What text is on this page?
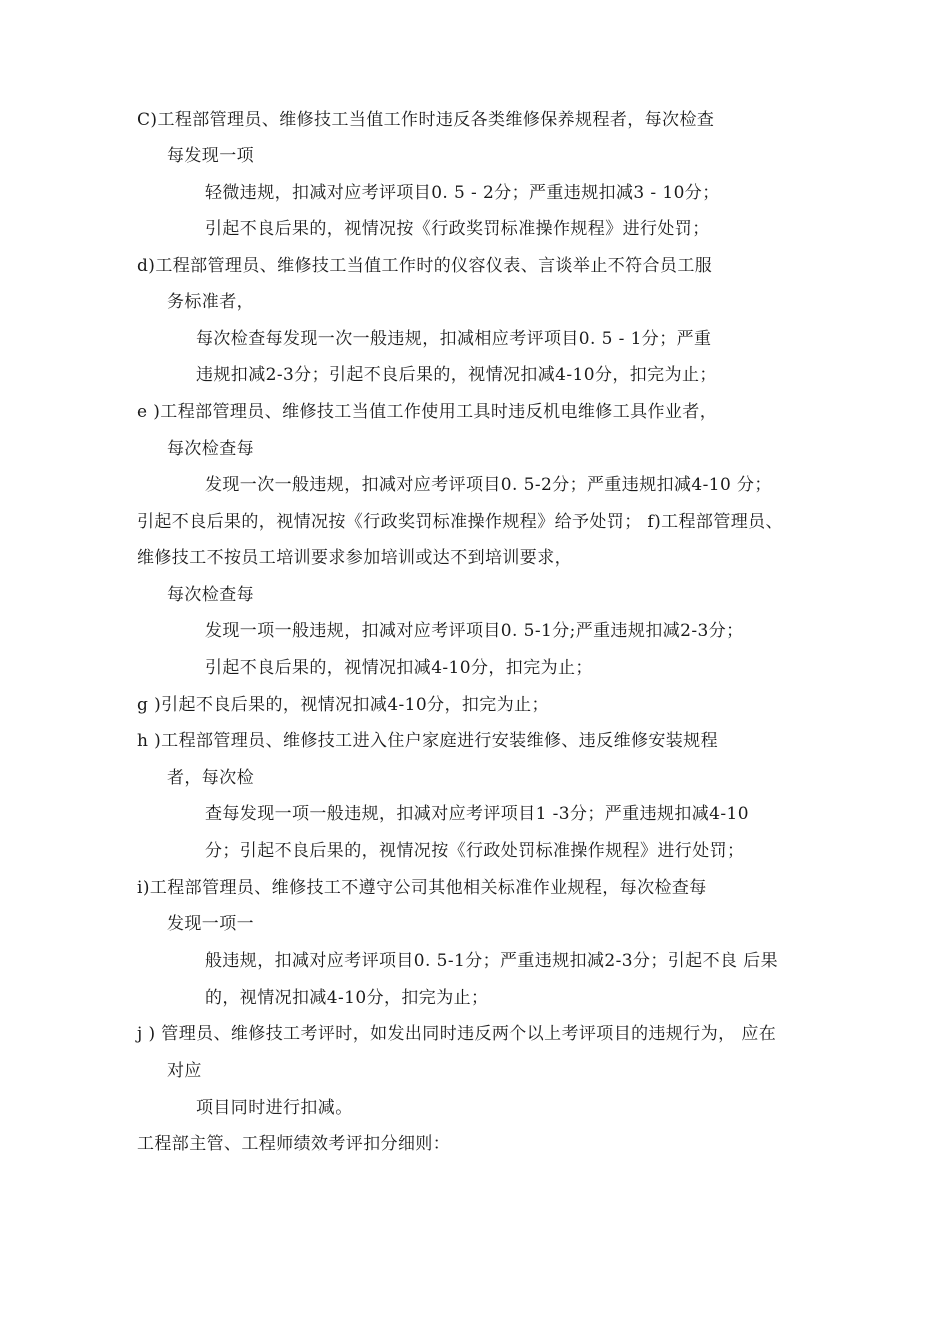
C)工程部管理员、维修技工当值工作时违反各类维修保养规程者，每次检查
每发现一项
轻微违规，扣减对应考评项目0. 5 - 2分；严重违规扣减3 - 10分；
引起不良后果的，视情况按《行政奖罚标准操作规程》进行处罚；
d)工程部管理员、维修技工当值工作时的仪容仪表、言谈举止不符合员工服
务标准者，
每次检查每发现一次一般违规，扣减相应考评项目0. 5 - 1分；严重
违规扣减2-3分；引起不良后果的，视情况扣减4-10分，扣完为止；
e )工程部管理员、维修技工当值工作使用工具时违反机电维修工具作业者，
每次检查每
发现一次一般违规，扣减对应考评项目0. 5-2分；严重违规扣减4-10 分；
引起不良后果的，视情况按《行政奖罚标准操作规程》给予处罚； f)工程部管理员、
维修技工不按员工培训要求参加培训或达不到培训要求，
每次检查每
发现一项一般违规，扣减对应考评项目0. 5-1分;严重违规扣减2-3分；
引起不良后果的，视情况扣减4-10分，扣完为止；
g )引起不良后果的，视情况扣减4-10分，扣完为止；
h )工程部管理员、维修技工进入住户家庭进行安装维修、违反维修安装规程
者，每次检
查每发现一项一般违规，扣减对应考评项目1 -3分；严重违规扣减4-10
分；引起不良后果的，视情况按《行政处罚标准操作规程》进行处罚；
i)工程部管理员、维修技工不遵守公司其他相关标准作业规程，每次检查每
发现一项一
般违规，扣减对应考评项目0. 5-1分；严重违规扣减2-3分；引起不良 后果
的，视情况扣减4-10分，扣完为止；
j ) 管理员、维修技工考评时，如发出同时违反两个以上考评项目的违规行为， 应在
对应
项目同时进行扣减。
工程部主管、工程师绩效考评扣分细则：
